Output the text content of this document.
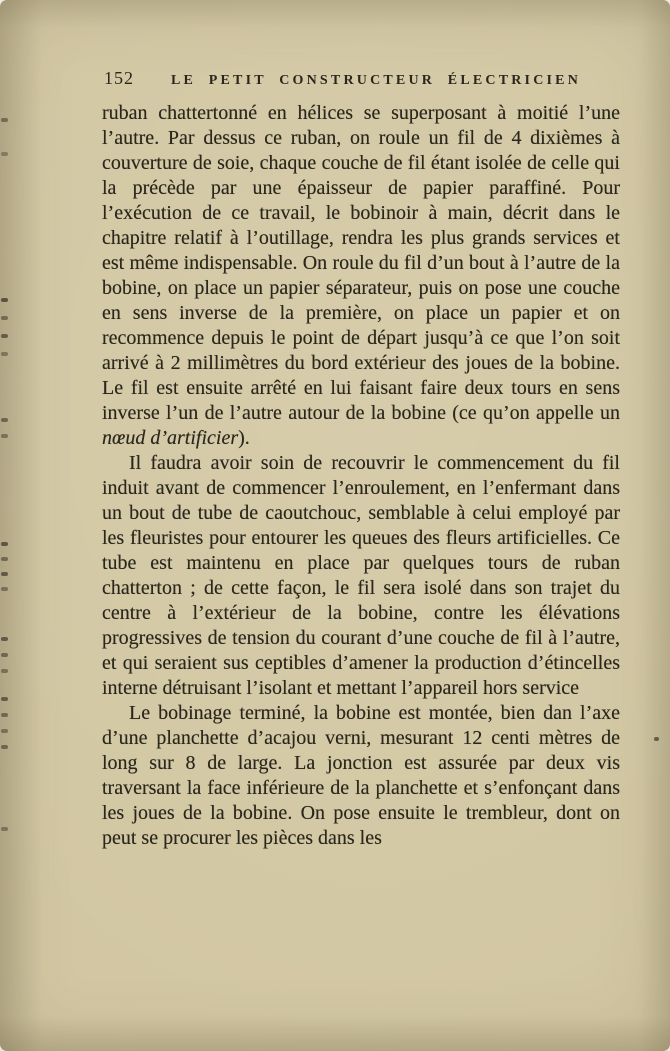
152	LE PETIT CONSTRUCTEUR ÉLECTRICIEN

ruban chattertonné en hélices se superposant à moitié l’une l’autre. Par dessus ce ruban, on roule un fil de 4 dixièmes à couverture de soie, chaque couche de fil étant isolée de celle qui la précède par une épaisseur de papier paraffiné. Pour l’exécution de ce travail, le bobinoir à main, décrit dans le chapitre relatif à l’outillage, rendra les plus grands services et est même indispensable. On roule du fil d’un bout à l’autre de la bobine, on place un papier séparateur, puis on pose une couche en sens inverse de la première, on place un papier et on recommence depuis le point de départ jusqu’à ce que l’on soit arrivé à 2 millimètres du bord extérieur des joues de la bobine. Le fil est ensuite arrêté en lui faisant faire deux tours en sens inverse l’un de l’autre autour de la bobine (ce qu’on appelle un nœud d’artificier).

Il faudra avoir soin de recouvrir le commencement du fil induit avant de commencer l’enroulement, en l’enfermant dans un bout de tube de caoutchouc, semblable à celui employé par les fleuristes pour entourer les queues des fleurs artificielles. Ce tube est maintenu en place par quelques tours de ruban chatterton ; de cette façon, le fil sera isolé dans son trajet du centre à l’extérieur de la bobine, contre les élévations progressives de tension du courant d’une couche de fil à l’autre, et qui seraient sus ceptibles d’amener la production d’étincelles interne détruisant l’isolant et mettant l’appareil hors service

Le bobinage terminé, la bobine est montée, bien dan l’axe d’une planchette d’acajou verni, mesurant 12 centi mètres de long sur 8 de large. La jonction est assurée par deux vis traversant la face inférieure de la planchette et s’enfonçant dans les joues de la bobine. On pose ensuite le trembleur, dont on peut se procurer les pièces dans les
